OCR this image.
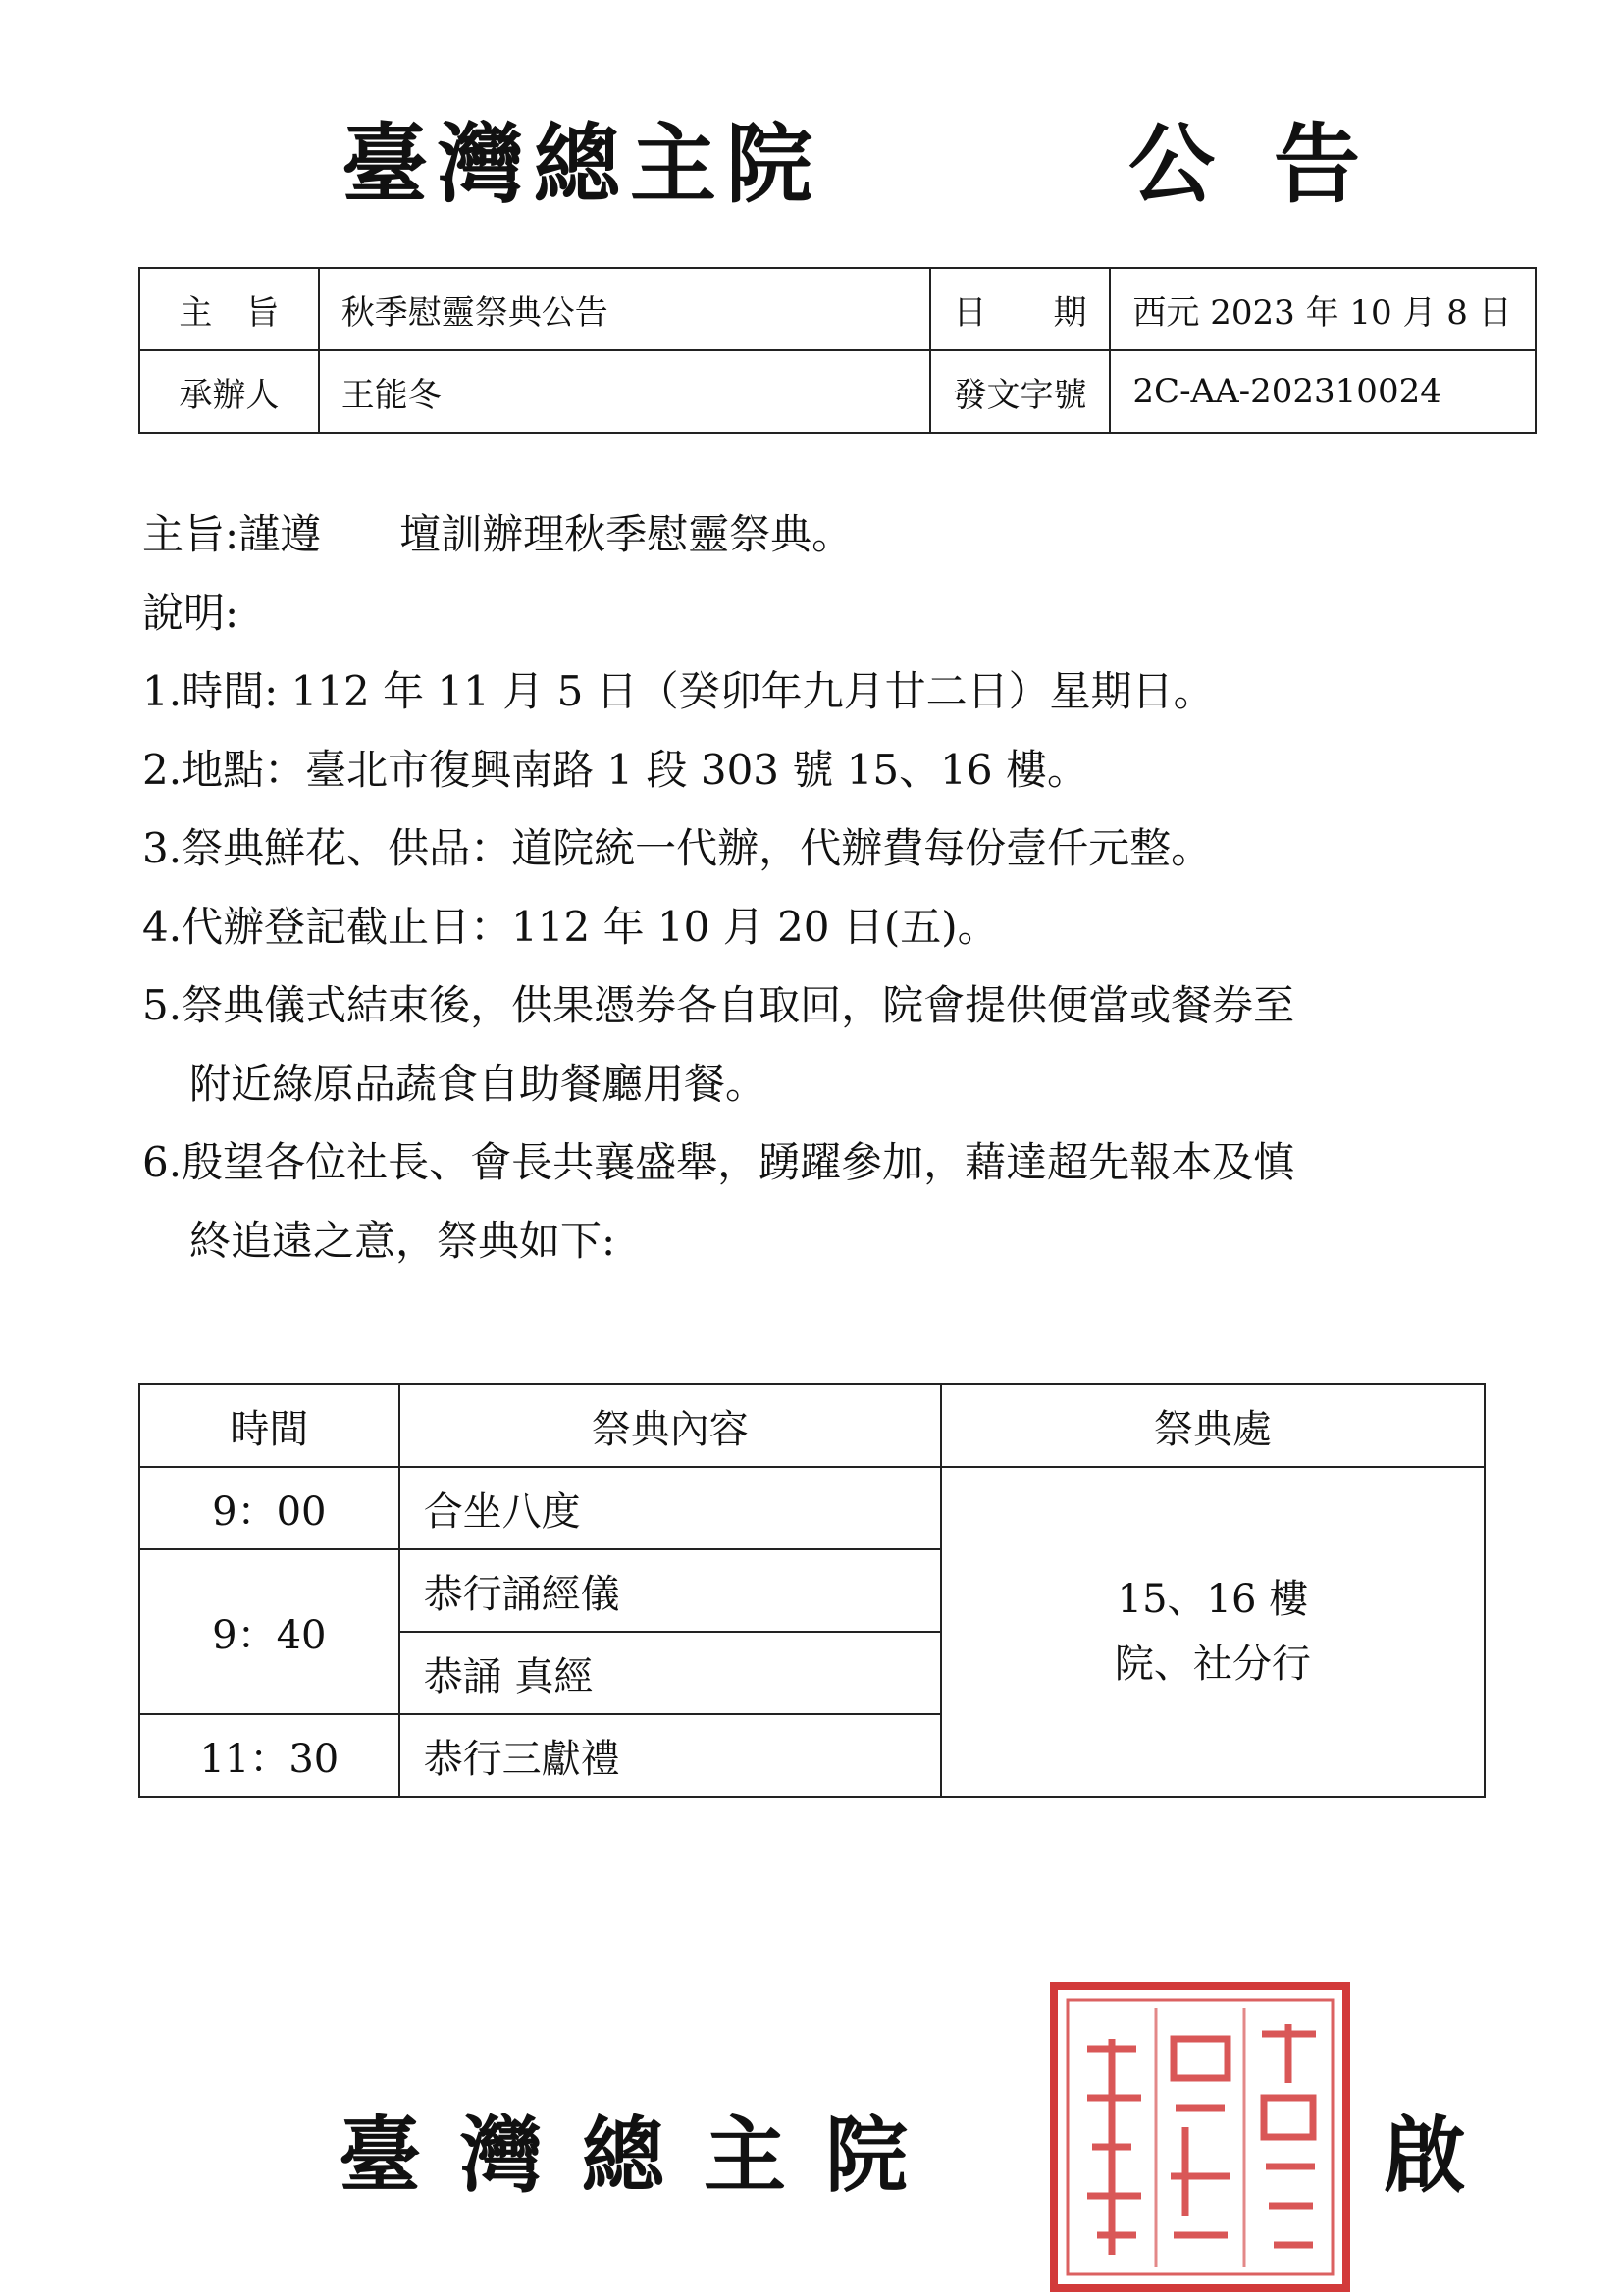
臺灣總主院	公告
主　旨	秋季慰靈祭典公告	日　　期	西元 2023 年 10 月 8 日
承辦人	王能冬	發文字號	2C-AA-202310024
主旨:謹遵 壇訓辦理秋季慰靈祭典。
說明:
1.時間: 112 年 11 月 5 日（癸卯年九月廿二日）星期日。
2.地點：臺北市復興南路 1 段 303 號 15、16 樓。
3.祭典鮮花、供品：道院統一代辦，代辦費每份壹仟元整。
4.代辦登記截止日：112 年 10 月 20 日(五)。
5.祭典儀式結束後，供果憑券各自取回，院會提供便當或餐券至
附近綠原品蔬食自助餐廳用餐。
6.殷望各位社長、會長共襄盛舉，踴躍參加，藉達超先報本及慎
終追遠之意，祭典如下:
時間	祭典內容	祭典處
9：00	合坐八度	15、16 樓
院、社分行

9：40	恭行誦經儀	
	恭誦 真經	
11：30	恭行三獻禮	
臺灣總主院	啟
